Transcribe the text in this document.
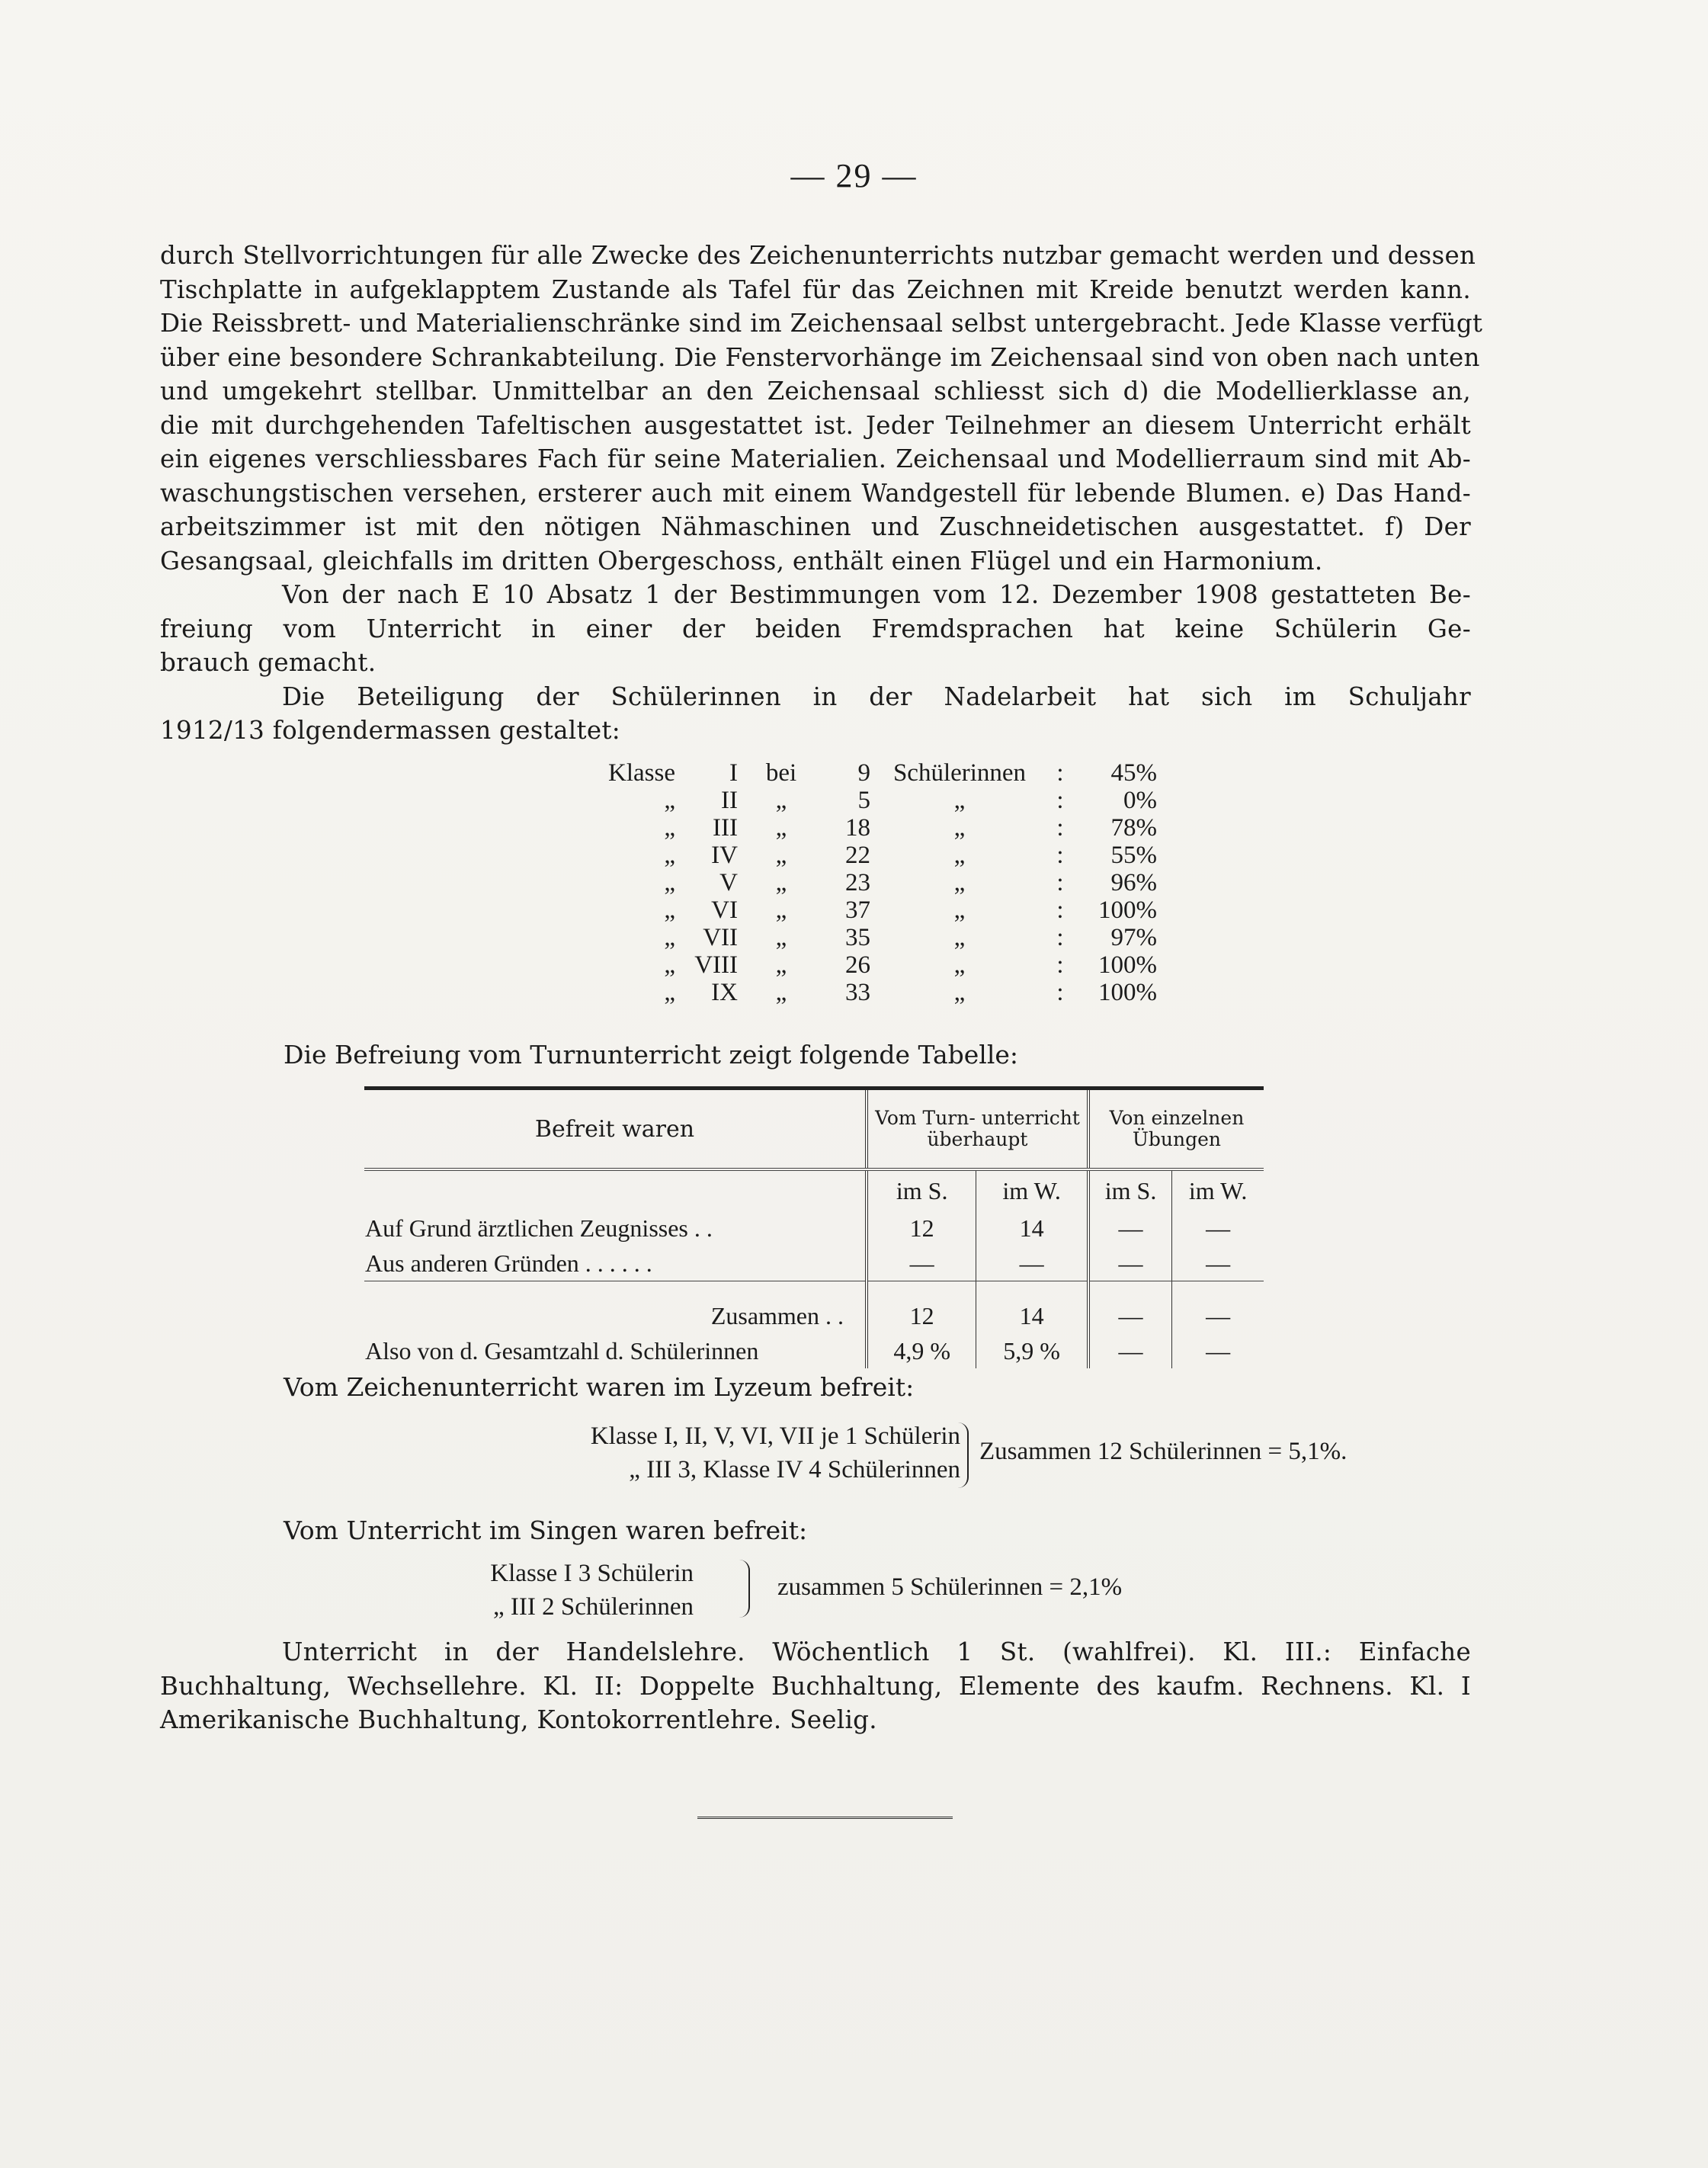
— 29 —
durch Stellvorrichtungen für alle Zwecke des Zeichenunterrichts nutzbar gemacht werden und dessen
Tischplatte in aufgeklapptem Zustande als Tafel für das Zeichnen mit Kreide benutzt werden kann.
Die Reissbrett- und Materialienschränke sind im Zeichensaal selbst untergebracht. Jede Klasse verfügt
über eine besondere Schrankabteilung. Die Fenstervorhänge im Zeichensaal sind von oben nach unten
und umgekehrt stellbar. Unmittelbar an den Zeichensaal schliesst sich d) die Modellierklasse an,
die mit durchgehenden Tafeltischen ausgestattet ist. Jeder Teilnehmer an diesem Unterricht erhält
ein eigenes verschliessbares Fach für seine Materialien. Zeichensaal und Modellierraum sind mit Ab-
waschungstischen versehen, ersterer auch mit einem Wandgestell für lebende Blumen. e) Das Hand-
arbeitszimmer ist mit den nötigen Nähmaschinen und Zuschneidetischen ausgestattet. f) Der
Gesangsaal, gleichfalls im dritten Obergeschoss, enthält einen Flügel und ein Harmonium.
Von der nach E 10 Absatz 1 der Bestimmungen vom 12. Dezember 1908 gestatteten Be-
freiung vom Unterricht in einer der beiden Fremdsprachen hat keine Schülerin Ge-
brauch gemacht.
Die Beteiligung der Schülerinnen in der Nadelarbeit hat sich im Schuljahr
1912/13 folgendermassen gestaltet:
Klasse	I	bei	9	Schülerinnen	:	45%
„	II	„	5	„	:	0%
„	III	„	18	„	:	78%
„	IV	„	22	„	:	55%
„	V	„	23	„	:	96%
„	VI	„	37	„	:	100%
„	VII	„	35	„	:	97%
„	VIII	„	26	„	:	100%
„	IX	„	33	„	:	100%
Die Befreiung vom Turnunterricht zeigt folgende Tabelle:
Befreit waren	Vom Turn- unterricht überhaupt		Von einzelnen Übungen	
	im S.	im W.	im S.	im W.
Auf Grund ärztlichen Zeugnisses . .	12	14	—	—
Aus anderen Gründen . . . . . .	—	—	—	—

Zusammen . .	12	14	—	—
Also von d. Gesamtzahl d. Schülerinnen	4,9 %	5,9 %	—	—
Vom Zeichenunterricht waren im Lyzeum befreit:
Klasse I, II, V, VI, VII je 1 Schülerin
„ III 3, Klasse IV 4 Schülerinnen
Zusammen 12 Schülerinnen = 5,1%.
Vom Unterricht im Singen waren befreit:
Klasse I 3 Schülerin
„ III 2 Schülerinnen
zusammen 5 Schülerinnen = 2,1%
Unterricht in der Handelslehre. Wöchentlich 1 St. (wahlfrei). Kl. III.: Einfache
Buchhaltung, Wechsellehre. Kl. II: Doppelte Buchhaltung, Elemente des kaufm. Rechnens. Kl. I
Amerikanische Buchhaltung, Kontokorrentlehre. Seelig.
